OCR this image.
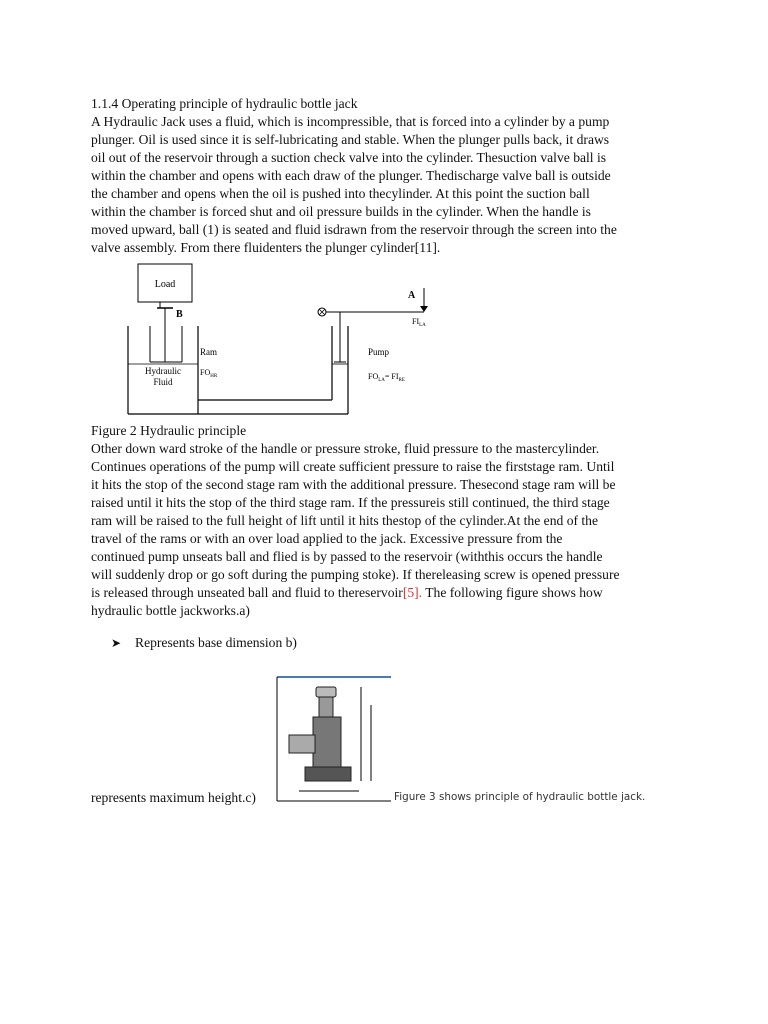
1.1.4 Operating principle of hydraulic bottle jack
A Hydraulic Jack uses a fluid, which is incompressible, that is forced into a cylinder by a pump
plunger. Oil is used since it is self-lubricating and stable. When the plunger pulls back, it draws
oil out of the reservoir through a suction check valve into the cylinder. Thesuction valve ball is
within the chamber and opens with each draw of the plunger. Thedischarge valve ball is outside
the chamber and opens when the oil is pushed into thecylinder. At this point the suction ball
within the chamber is forced shut and oil pressure builds in the cylinder. When the handle is
moved upward, ball (1) is seated and fluid isdrawn from the reservoir through the screen into the
valve assembly. From there fluidenters the plunger cylinder[11].
Load
B
Ram
Hydraulic
Fluid
$FO_{HR}$
Pump
$FO_{LA}= FI_{RE}$
A
$FI_{LA}$
Figure 2 Hydraulic principle
Other down ward stroke of the handle or pressure stroke, fluid pressure to the mastercylinder.
Continues operations of the pump will create sufficient pressure to raise the firststage ram. Until
it hits the stop of the second stage ram with the additional pressure. Thesecond stage ram will be
raised until it hits the stop of the third stage ram. If the pressureis still continued, the third stage
ram will be raised to the full height of lift until it hits thestop of the cylinder.At the end of the
travel of the rams or with an over load applied to the jack. Excessive pressure from the
continued pump unseats ball and flied is by passed to the reservoir (withthis occurs the handle
will suddenly drop or go soft during the pumping stoke). If thereleasing screw is opened pressure
is released through unseated ball and fluid to thereservoir[5]. The following figure shows how
hydraulic bottle jackworks.a)
➤ Represents base dimension b)
represents maximum height.c)	Figure 3 shows principle of hydraulic bottle jack.
